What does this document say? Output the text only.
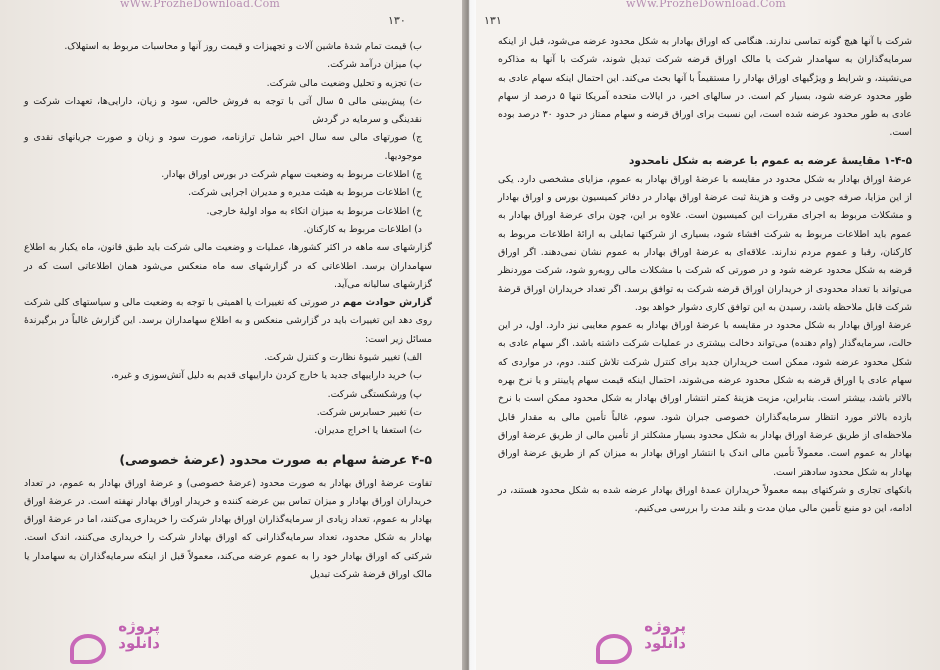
wWw.ProzheDownload.Com
۱۳۰

ب) قیمت تمام شدهٔ ماشین آلات و تجهیزات و قیمت روز آنها و محاسبات مربوط به استهلاک.

پ) میزان درآمد شرکت.

ت) تجزیه و تحلیل وضعیت مالی شرکت.

ث) پیش‌بینی مالی ۵ سال آتی با توجه به فروش خالص، سود و زیان، دارایی‌ها، تعهدات شرکت و نقدینگی و سرمایه در گردش

ج) صورتهای مالی سه سال اخیر شامل ترازنامه، صورت سود و زیان و صورت جریانهای نقدی و موجودیها.

چ) اطلاعات مربوط به وضعیت سهام شرکت در بورس اوراق بهادار.

ح) اطلاعات مربوط به هیئت مدیره و مدیران اجرایی شرکت.

خ) اطلاعات مربوط به میزان اتکاء به مواد اولیهٔ خارجی.

د) اطلاعات مربوط به کارکنان.

گزارشهای سه ماهه در اکثر کشورها، عملیات و وضعیت مالی شرکت باید طبق قانون، ماه یکبار به اطلاع سهامداران برسد. اطلاعاتی که در گزارشهای سه ماه منعکس می‌شود همان اطلاعاتی است که در گزارشهای سالیانه می‌آید.

گزارش حوادث مهم در صورتی که تغییرات یا اهمیتی با توجه به وضعیت مالی و سیاستهای کلی شرکت روی دهد این تغییرات باید در گزارشی منعکس و به اطلاع سهامداران برسد. این گزارش غالباً در برگیرندهٔ مسائل زیر است:

الف) تغییر شیوهٔ نظارت و کنترل شرکت.

ب) خرید داراییهای جدید یا خارج کردن داراییهای قدیم به دلیل آتش‌سوزی و غیره.

پ) ورشکستگی شرکت.

ت) تغییر حسابرس شرکت.

ث) استعفا یا اخراج مدیران.

۴-۵ عرضهٔ سهام به صورت محدود (عرضهٔ خصوصی)

تفاوت عرضهٔ اوراق بهادار به صورت محدود (عرضهٔ خصوصی) و عرضهٔ اوراق بهادار به عموم، در تعداد خریداران اوراق بهادار و میزان تماس بین عرضه کننده و خریدار اوراق بهادار نهفته است. در عرضهٔ اوراق بهادار به عموم، تعداد زیادی از سرمایه‌گذاران اوراق بهادار شرکت را خریداری می‌کنند، اما در عرضهٔ اوراق بهادار به شکل محدود، تعداد سرمایه‌گذارانی که اوراق بهادار شرکت را خریداری می‌کنند، اندک است. شرکتی که اوراق بهادار خود را به عموم عرضه می‌کند، معمولاً قبل از اینکه سرمایه‌گذاران به سهامدار یا مالک اوراق قرضهٔ شرکت تبدیل

پروژه
دانلود
wWw.ProzheDownload.Com
۱۳۱

شرکت با آنها هیچ گونه تماسی ندارند. هنگامی که اوراق بهادار به شکل محدود عرضه می‌شود، قبل از اینکه سرمایه‌گذاران به سهامدار شرکت یا مالک اوراق قرضه شرکت تبدیل شوند، شرکت با آنها به مذاکره می‌نشیند، و شرایط و ویژگیهای اوراق بهادار را مستقیماً با آنها بحث می‌کند. این احتمال اینکه سهام عادی به طور محدود عرضه شود، بسیار کم است. در سالهای اخیر، در ایالات متحده آمریکا تنها ۵ درصد از سهام عادی به طور محدود عرضه شده است، این نسبت برای اوراق قرضه و سهام ممتاز در حدود ۳۰ درصد بوده است.

۱-۴-۵ مقایسهٔ عرضه به عموم با عرضه به شکل نامحدود

عرضهٔ اوراق بهادار به شکل محدود در مقایسه با عرضهٔ اوراق بهادار به عموم، مزایای مشخصی دارد. یکی از این مزایا، صرفه جویی در وقت و هزینهٔ ثبت عرضهٔ اوراق بهادار در دفاتر کمیسیون بورس و اوراق بهادار و مشکلات مربوط به اجرای مقررات این کمیسیون است. علاوه بر این، چون برای عرضهٔ اوراق بهادار به عموم باید اطلاعات مربوط به شرکت افشاء شود، بسیاری از شرکتها تمایلی به ارائهٔ اطلاعات مربوط به کارکنان، رقبا و عموم مردم ندارند. علاقه‌ای به عرضهٔ اوراق بهادار به عموم نشان نمی‌دهند. اگر اوراق قرضه به شکل محدود عرضه شود و در صورتی که شرکت با مشکلات مالی روبه‌رو شود، شرکت موردنظر می‌تواند با تعداد محدودی از خریداران اوراق قرضه شرکت به توافق برسد. اگر تعداد خریداران اوراق قرضهٔ شرکت قابل ملاحظه باشد، رسیدن به این توافق کاری دشوار خواهد بود.

عرضهٔ اوراق بهادار به شکل محدود در مقایسه با عرضهٔ اوراق بهادار به عموم معایبی نیز دارد. اول، در این حالت، سرمایه‌گذار (وام دهنده) می‌تواند دخالت بیشتری در عملیات شرکت داشته باشد. اگر سهام عادی به شکل محدود عرضه شود، ممکن است خریداران جدید برای کنترل شرکت تلاش کنند. دوم، در مواردی که سهام عادی یا اوراق قرضه به شکل محدود عرضه می‌شوند، احتمال اینکه قیمت سهام پایینتر و یا نرخ بهره بالاتر باشد، بیشتر است. بنابراین، مزیت هزینهٔ کمتر انتشار اوراق بهادار به شکل محدود ممکن است با نرخ بازده بالاتر مورد انتظار سرمایه‌گذاران خصوصی جبران شود. سوم، غالباً تأمین مالی به مقدار قابل ملاحظه‌ای از طریق عرضهٔ اوراق بهادار به شکل محدود بسیار مشکلتر از تأمین مالی از طریق عرضهٔ اوراق بهادار به عموم است. معمولاً تأمین مالی اندک با انتشار اوراق بهادار به میزان کم از طریق عرضهٔ اوراق بهادار به شکل محدود سادهتر است.

بانکهای تجاری و شرکتهای بیمه معمولاً خریداران عمدهٔ اوراق بهادار عرضه شده به شکل محدود هستند، در ادامه، این دو منبع تأمین مالی میان مدت و بلند مدت را بررسی می‌کنیم.

پروژه
دانلود
